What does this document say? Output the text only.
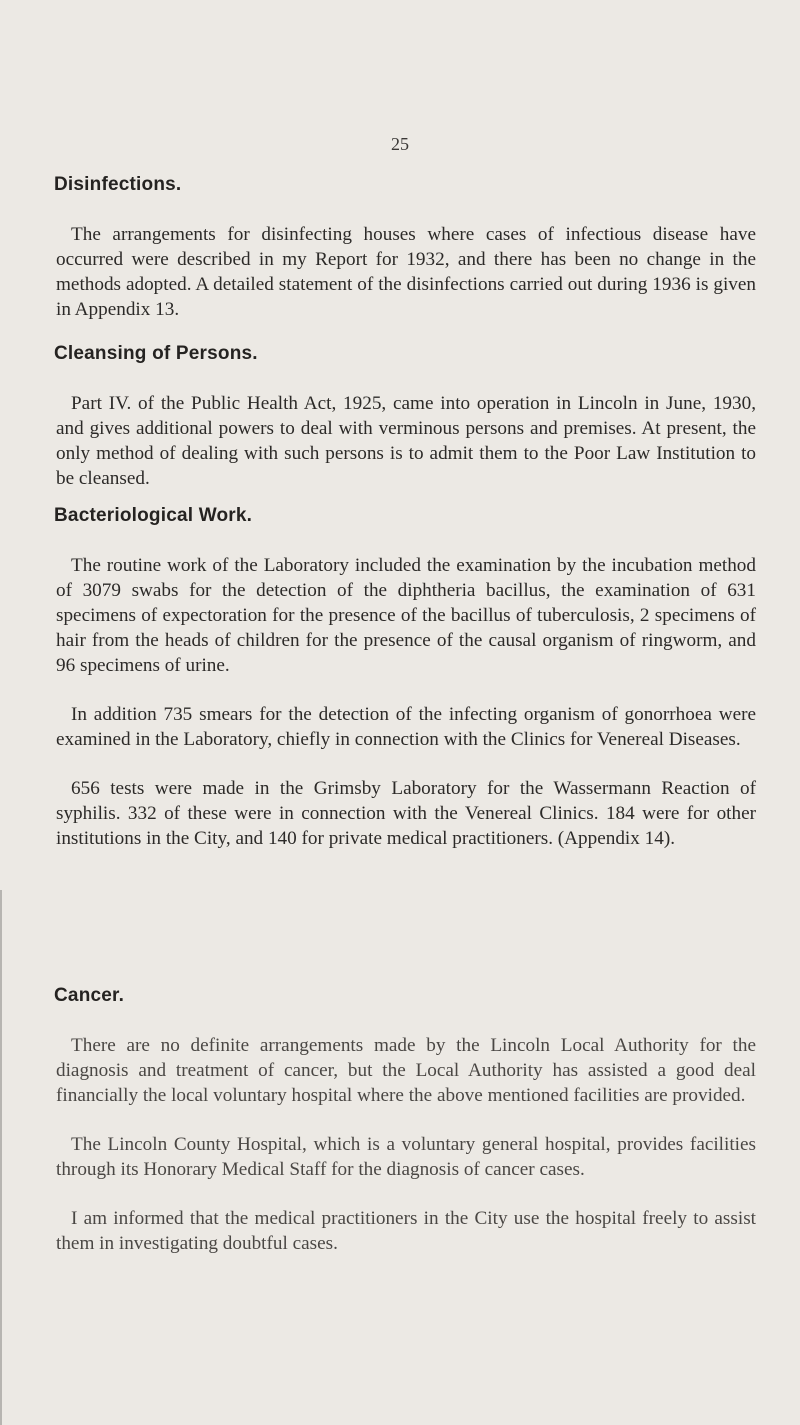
25
Disinfections.

The arrangements for disinfecting houses where cases of infectious disease have occurred were described in my Report for 1932, and there has been no change in the methods adopted. A detailed statement of the disinfections carried out during 1936 is given in Appendix 13.

Cleansing of Persons.

Part IV. of the Public Health Act, 1925, came into operation in Lincoln in June, 1930, and gives additional powers to deal with verminous persons and premises. At present, the only method of dealing with such persons is to admit them to the Poor Law Institution to be cleansed.

Bacteriological Work.

The routine work of the Laboratory included the examination by the incubation method of 3079 swabs for the detection of the diphtheria bacillus, the examination of 631 specimens of expectoration for the presence of the bacillus of tuberculosis, 2 specimens of hair from the heads of children for the presence of the causal organism of ringworm, and 96 specimens of urine.

In addition 735 smears for the detection of the infecting organism of gonorrhoea were examined in the Laboratory, chiefly in connection with the Clinics for Venereal Diseases.

656 tests were made in the Grimsby Laboratory for the Wassermann Reaction of syphilis. 332 of these were in connection with the Venereal Clinics. 184 were for other institutions in the City, and 140 for private medical practitioners. (Appendix 14).

Cancer.

There are no definite arrangements made by the Lincoln Local Authority for the diagnosis and treatment of cancer, but the Local Authority has assisted a good deal financially the local voluntary hospital where the above mentioned facilities are provided.

The Lincoln County Hospital, which is a voluntary general hospital, provides facilities through its Honorary Medical Staff for the diagnosis of cancer cases.

I am informed that the medical practitioners in the City use the hospital freely to assist them in investigating doubtful cases.
